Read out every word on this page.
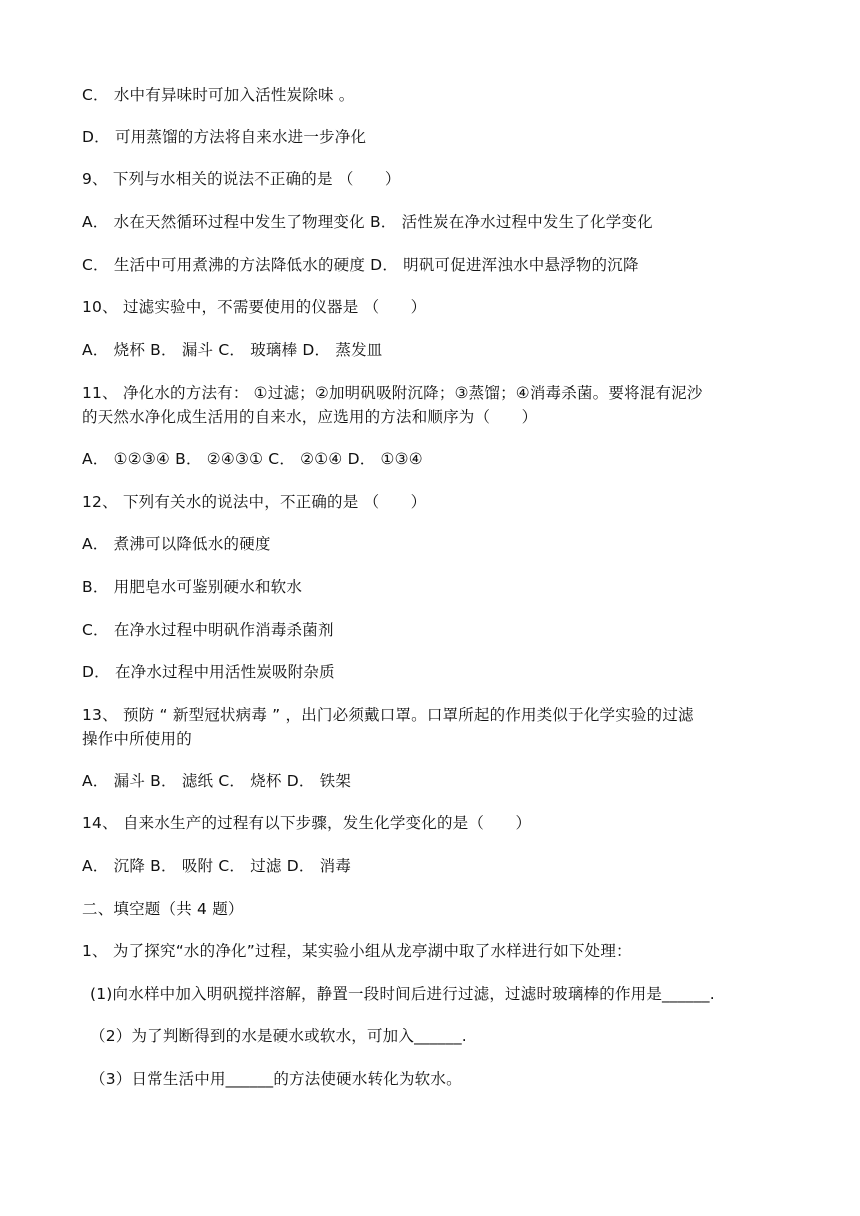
C． 水中有异味时可加入活性炭除味 。
D． 可用蒸馏的方法将自来水进一步净化
9、 下列与水相关的说法不正确的是 （　　）
A． 水在天然循环过程中发生了物理变化 B． 活性炭在净水过程中发生了化学变化
C． 生活中可用煮沸的方法降低水的硬度 D． 明矾可促进浑浊水中悬浮物的沉降
10、 过滤实验中，不需要使用的仪器是 （　　）
A． 烧杯 B． 漏斗 C． 玻璃棒 D． 蒸发皿
11、 净化水的方法有： ①过滤；②加明矾吸附沉降；③蒸馏；④消毒杀菌。要将混有泥沙
的天然水净化成生活用的自来水，应选用的方法和顺序为（　　）
A． ①②③④ B． ②④③① C． ②①④ D． ①③④
12、 下列有关水的说法中，不正确的是 （　　）
A． 煮沸可以降低水的硬度
B． 用肥皂水可鉴别硬水和软水
C． 在净水过程中明矾作消毒杀菌剂
D． 在净水过程中用活性炭吸附杂质
13、 预防 “ 新型冠状病毒 ” ，出门必须戴口罩。口罩所起的作用类似于化学实验的过滤
操作中所使用的
A． 漏斗 B． 滤纸 C． 烧杯 D． 铁架
14、 自来水生产的过程有以下步骤，发生化学变化的是（　　）
A． 沉降 B． 吸附 C． 过滤 D． 消毒
二、填空题（共 4 题）
1、 为了探究“水的净化”过程，某实验小组从龙亭湖中取了水样进行如下处理：
(1)向水样中加入明矾搅拌溶解，静置一段时间后进行过滤，过滤时玻璃棒的作用是______.
（2）为了判断得到的水是硬水或软水，可加入______.
（3）日常生活中用______的方法使硬水转化为软水。
